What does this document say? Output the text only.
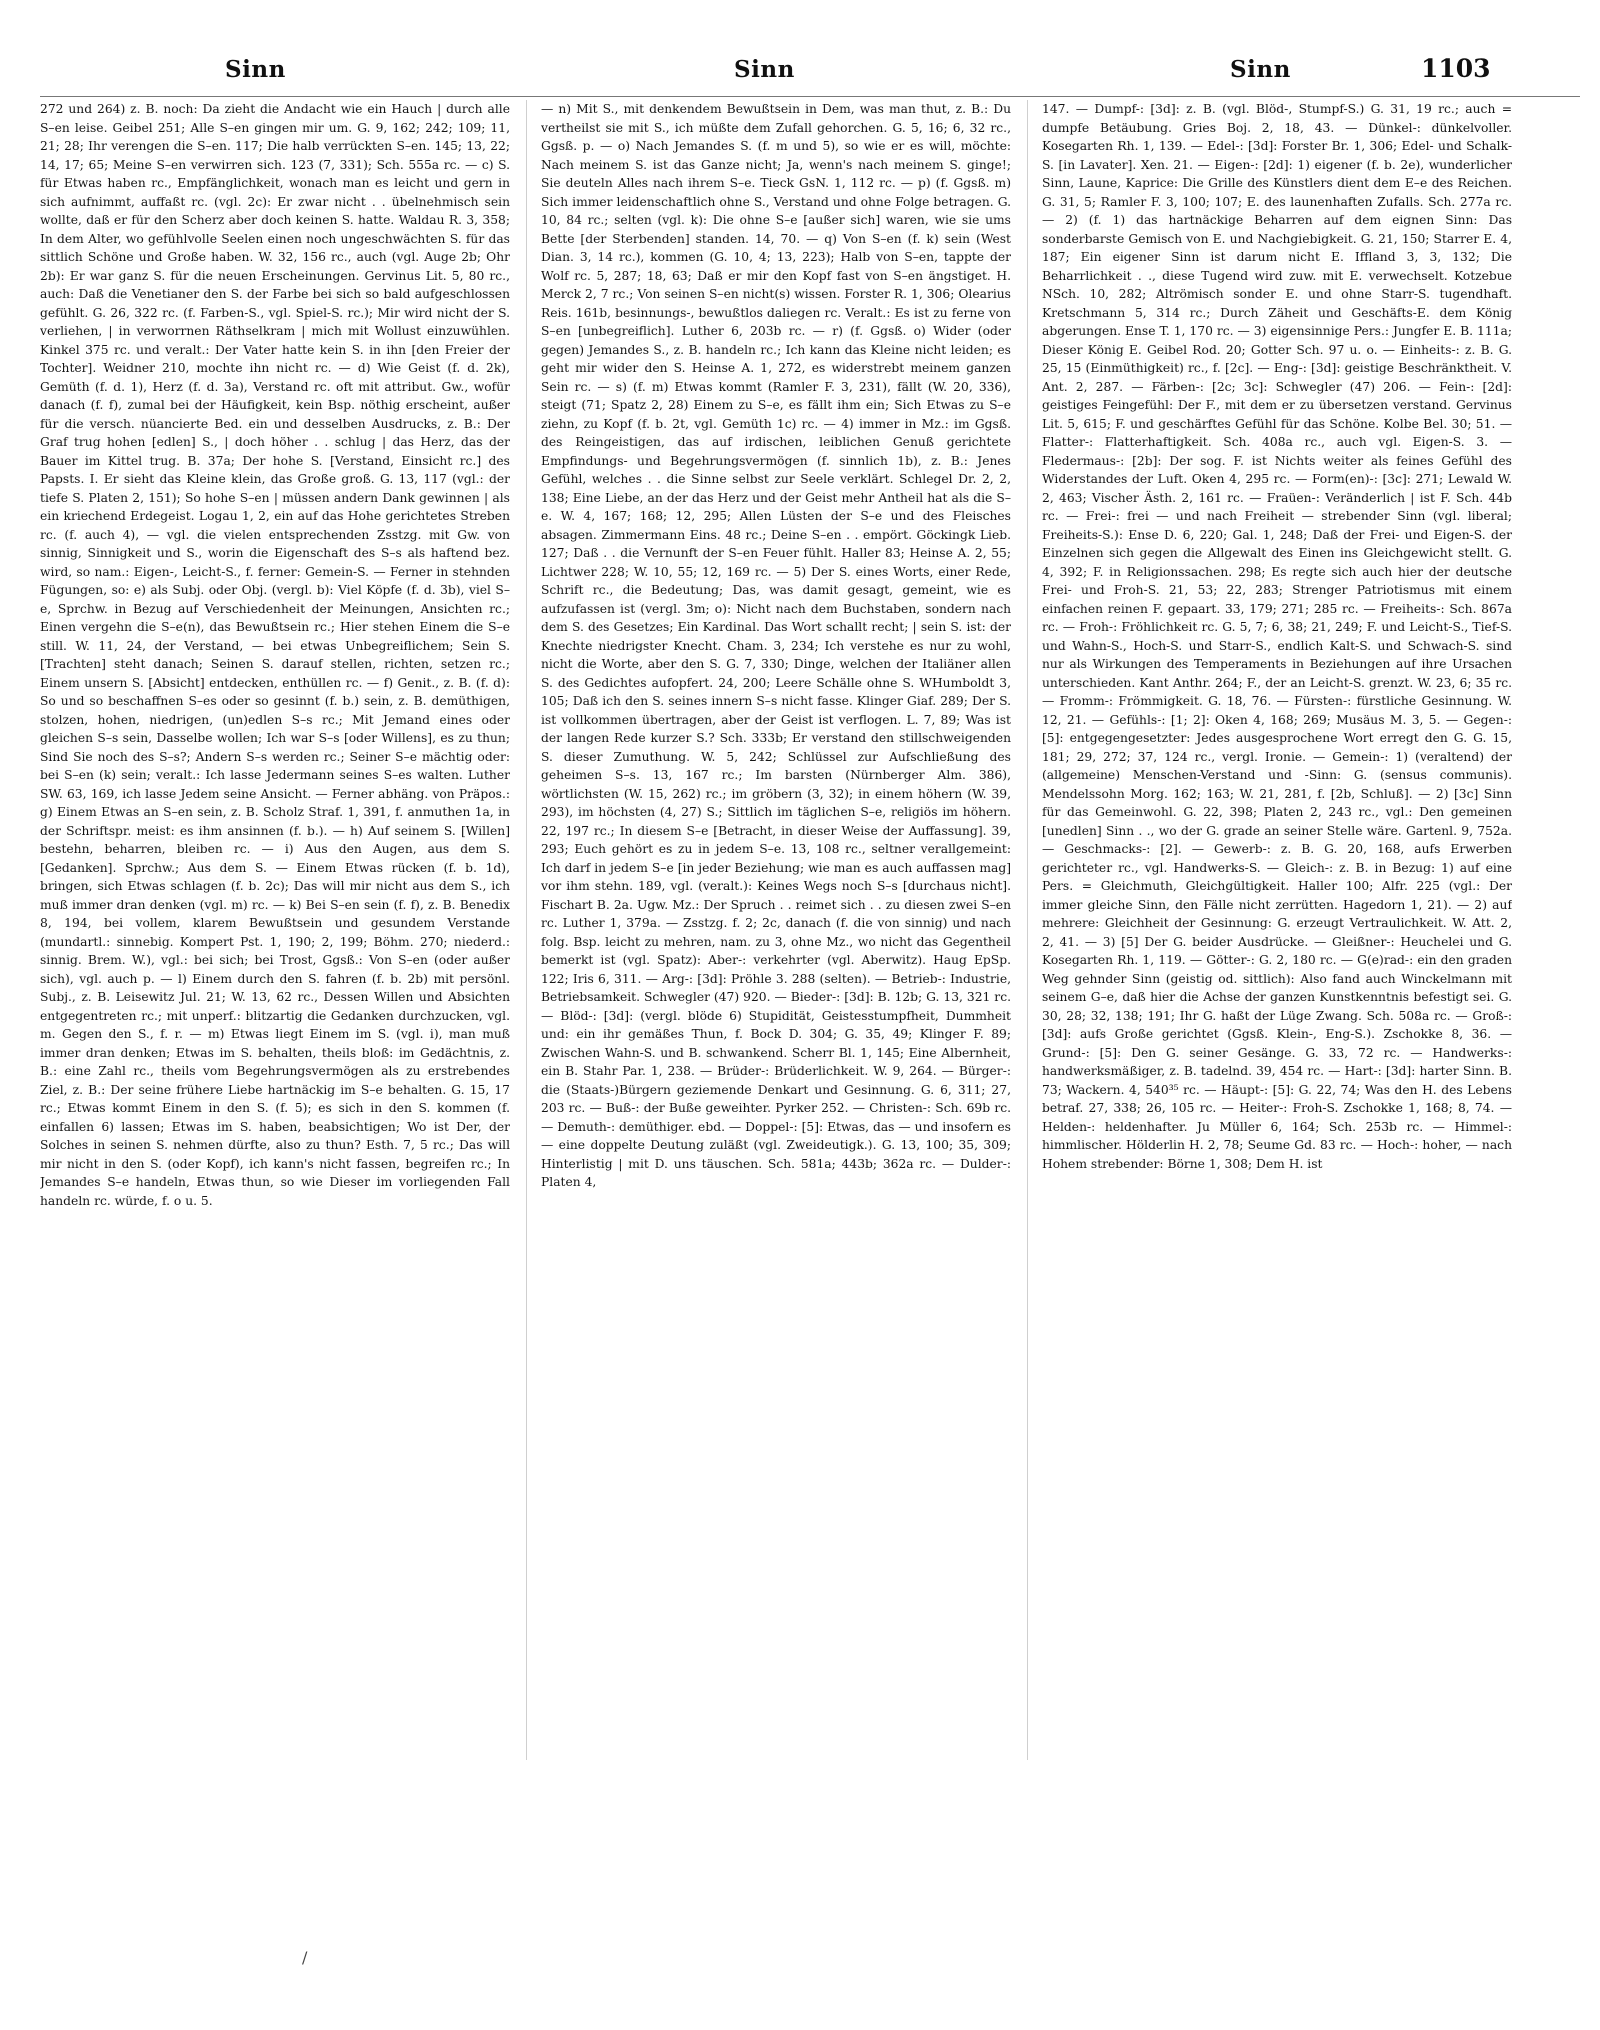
Sinn	Sinn	Sinn	1103

272 und 264) z. B. noch: Da zieht die Andacht wie ein Hauch | durch alle S–en leise. Geibel 251; Alle S–en gingen mir um. G. 9, 162; 242; 109; 11, 21; 28; Ihr verengen die S–en. 117; Die halb verrückten S–en. 145; 13, 22; 14, 17; 65; Meine S–en verwirren sich. 123 (7, 331); Sch. 555a rc. — c) S. für Etwas haben rc., Empfänglichkeit, wonach man es leicht und gern in sich aufnimmt, auffaßt rc. (vgl. 2c): Er zwar nicht . . übelnehmisch sein wollte, daß er für den Scherz aber doch keinen S. hatte. Waldau R. 3, 358; In dem Alter, wo gefühlvolle Seelen einen noch ungeschwächten S. für das sittlich Schöne und Große haben. W. 32, 156 rc., auch (vgl. Auge 2b; Ohr 2b): Er war ganz S. für die neuen Erscheinungen. Gervinus Lit. 5, 80 rc., auch: Daß die Venetianer den S. der Farbe bei sich so bald aufgeschlossen gefühlt. G. 26, 322 rc. (f. Farben-S., vgl. Spiel-S. rc.); Mir wird nicht der S. verliehen, | in verworrnen Räthselkram | mich mit Wollust einzuwühlen. Kinkel 375 rc. und veralt.: Der Vater hatte kein S. in ihn [den Freier der Tochter]. Weidner 210, mochte ihn nicht rc. — d) Wie Geist (f. d. 2k), Gemüth (f. d. 1), Herz (f. d. 3a), Verstand rc. oft mit attribut. Gw., wofür danach (f. f), zumal bei der Häufigkeit, kein Bsp. nöthig erscheint, außer für die versch. nüancierte Bed. ein und desselben Ausdrucks, z. B.: Der Graf trug hohen [edlen] S., | doch höher . . schlug | das Herz, das der Bauer im Kittel trug. B. 37a; Der hohe S. [Verstand, Einsicht rc.] des Papsts. I. Er sieht das Kleine klein, das Große groß. G. 13, 117 (vgl.: der tiefe S. Platen 2, 151); So hohe S–en | müssen andern Dank gewinnen | als ein kriechend Erdegeist. Logau 1, 2, ein auf das Hohe gerichtetes Streben rc. (f. auch 4), — vgl. die vielen entsprechenden Zsstzg. mit Gw. von sinnig, Sinnigkeit und S., worin die Eigenschaft des S–s als haftend bez. wird, so nam.: Eigen-, Leicht-S., f. ferner: Gemein-S. — Ferner in stehnden Fügungen, so: e) als Subj. oder Obj. (vergl. b): Viel Köpfe (f. d. 3b), viel S–e, Sprchw. in Bezug auf Verschiedenheit der Meinungen, Ansichten rc.; Einen vergehn die S–e(n), das Bewußtsein rc.; Hier stehen Einem die S–e still. W. 11, 24, der Verstand, — bei etwas Unbegreiflichem; Sein S. [Trachten] steht danach; Seinen S. darauf stellen, richten, setzen rc.; Einem unsern S. [Absicht] entdecken, enthüllen rc. — f) Genit., z. B. (f. d): So und so beschaffnen S–es oder so gesinnt (f. b.) sein, z. B. demüthigen, stolzen, hohen, niedrigen, (un)edlen S–s rc.; Mit Jemand eines oder gleichen S–s sein, Dasselbe wollen; Ich war S–s [oder Willens], es zu thun; Sind Sie noch des S–s?; Andern S–s werden rc.; Seiner S–e mächtig oder: bei S–en (k) sein; veralt.: Ich lasse Jedermann seines S–es walten. Luther SW. 63, 169, ich lasse Jedem seine Ansicht. — Ferner abhäng. von Präpos.: g) Einem Etwas an S–en sein, z. B. Scholz Straf. 1, 391, f. anmuthen 1a, in der Schriftspr. meist: es ihm ansinnen (f. b.). — h) Auf seinem S. [Willen] bestehn, beharren, bleiben rc. — i) Aus den Augen, aus dem S. [Gedanken]. Sprchw.; Aus dem S. — Einem Etwas rücken (f. b. 1d), bringen, sich Etwas schlagen (f. b. 2c); Das will mir nicht aus dem S., ich muß immer dran denken (vgl. m) rc. — k) Bei S–en sein (f. f), z. B. Benedix 8, 194, bei vollem, klarem Bewußtsein und gesundem Verstande (mundartl.: sinnebig. Kompert Pst. 1, 190; 2, 199; Böhm. 270; niederd.: sinnig. Brem. W.), vgl.: bei sich; bei Trost, Ggsß.: Von S–en (oder außer sich), vgl. auch p. — l) Einem durch den S. fahren (f. b. 2b) mit persönl. Subj., z. B. Leisewitz Jul. 21; W. 13, 62 rc., Dessen Willen und Absichten entgegentreten rc.; mit unperf.: blitzartig die Gedanken durchzucken, vgl. m. Gegen den S., f. r. — m) Etwas liegt Einem im S. (vgl. i), man muß immer dran denken; Etwas im S. behalten, theils bloß: im Gedächtnis, z. B.: eine Zahl rc., theils vom Begehrungsvermögen als zu erstrebendes Ziel, z. B.: Der seine frühere Liebe hartnäckig im S–e behalten. G. 15, 17 rc.; Etwas kommt Einem in den S. (f. 5); es sich in den S. kommen (f. einfallen 6) lassen; Etwas im S. haben, beabsichtigen; Wo ist Der, der Solches in seinen S. nehmen dürfte, also zu thun? Esth. 7, 5 rc.; Das will mir nicht in den S. (oder Kopf), ich kann's nicht fassen, begreifen rc.; In Jemandes S–e handeln, Etwas thun, so wie Dieser im vorliegenden Fall handeln rc. würde, f. o u. 5.

— n) Mit S., mit denkendem Bewußtsein in Dem, was man thut, z. B.: Du vertheilst sie mit S., ich müßte dem Zufall gehorchen. G. 5, 16; 6, 32 rc., Ggsß. p. — o) Nach Jemandes S. (f. m und 5), so wie er es will, möchte: Nach meinem S. ist das Ganze nicht; Ja, wenn's nach meinem S. ginge!; Sie deuteln Alles nach ihrem S–e. Tieck GsN. 1, 112 rc. — p) (f. Ggsß. m) Sich immer leidenschaftlich ohne S., Verstand und ohne Folge betragen. G. 10, 84 rc.; selten (vgl. k): Die ohne S–e [außer sich] waren, wie sie ums Bette [der Sterbenden] standen. 14, 70. — q) Von S–en (f. k) sein (West Dian. 3, 14 rc.), kommen (G. 10, 4; 13, 223); Halb von S–en, tappte der Wolf rc. 5, 287; 18, 63; Daß er mir den Kopf fast von S–en ängstiget. H. Merck 2, 7 rc.; Von seinen S–en nicht(s) wissen. Forster R. 1, 306; Olearius Reis. 161b, besinnungs-, bewußtlos daliegen rc. Veralt.: Es ist zu ferne von S–en [unbegreiflich]. Luther 6, 203b rc. — r) (f. Ggsß. o) Wider (oder gegen) Jemandes S., z. B. handeln rc.; Ich kann das Kleine nicht leiden; es geht mir wider den S. Heinse A. 1, 272, es widerstrebt meinem ganzen Sein rc. — s) (f. m) Etwas kommt (Ramler F. 3, 231), fällt (W. 20, 336), steigt (71; Spatz 2, 28) Einem zu S–e, es fällt ihm ein; Sich Etwas zu S–e ziehn, zu Kopf (f. b. 2t, vgl. Gemüth 1c) rc. — 4) immer in Mz.: im Ggsß. des Reingeistigen, das auf irdischen, leiblichen Genuß gerichtete Empfindungs- und Begehrungsvermögen (f. sinnlich 1b), z. B.: Jenes Gefühl, welches . . die Sinne selbst zur Seele verklärt. Schlegel Dr. 2, 2, 138; Eine Liebe, an der das Herz und der Geist mehr Antheil hat als die S–e. W. 4, 167; 168; 12, 295; Allen Lüsten der S–e und des Fleisches absagen. Zimmermann Eins. 48 rc.; Deine S–en . . empört. Göckingk Lieb. 127; Daß . . die Vernunft der S–en Feuer fühlt. Haller 83; Heinse A. 2, 55; Lichtwer 228; W. 10, 55; 12, 169 rc. — 5) Der S. eines Worts, einer Rede, Schrift rc., die Bedeutung; Das, was damit gesagt, gemeint, wie es aufzufassen ist (vergl. 3m; o): Nicht nach dem Buchstaben, sondern nach dem S. des Gesetzes; Ein Kardinal. Das Wort schallt recht; | sein S. ist: der Knechte niedrigster Knecht. Cham. 3, 234; Ich verstehe es nur zu wohl, nicht die Worte, aber den S. G. 7, 330; Dinge, welchen der Italiäner allen S. des Gedichtes aufopfert. 24, 200; Leere Schälle ohne S. WHumboldt 3, 105; Daß ich den S. seines innern S–s nicht fasse. Klinger Giaf. 289; Der S. ist vollkommen übertragen, aber der Geist ist verflogen. L. 7, 89; Was ist der langen Rede kurzer S.? Sch. 333b; Er verstand den stillschweigenden S. dieser Zumuthung. W. 5, 242; Schlüssel zur Aufschließung des geheimen S–s. 13, 167 rc.; Im barsten (Nürnberger Alm. 386), wörtlichsten (W. 15, 262) rc.; im gröbern (3, 32); in einem höhern (W. 39, 293), im höchsten (4, 27) S.; Sittlich im täglichen S–e, religiös im höhern. 22, 197 rc.; In diesem S–e [Betracht, in dieser Weise der Auffassung]. 39, 293; Euch gehört es zu in jedem S–e. 13, 108 rc., seltner verallgemeint: Ich darf in jedem S–e [in jeder Beziehung; wie man es auch auffassen mag] vor ihm stehn. 189, vgl. (veralt.): Keines Wegs noch S–s [durchaus nicht]. Fischart B. 2a. Ugw. Mz.: Der Spruch . . reimet sich . . zu diesen zwei S–en rc. Luther 1, 379a. — Zsstzg. f. 2; 2c, danach (f. die von sinnig) und nach folg. Bsp. leicht zu mehren, nam. zu 3, ohne Mz., wo nicht das Gegentheil bemerkt ist (vgl. Spatz): Aber-: verkehrter (vgl. Aberwitz). Haug EpSp. 122; Iris 6, 311. — Arg-: [3d]: Pröhle 3. 288 (selten). — Betrieb-: Industrie, Betriebsamkeit. Schwegler (47) 920. — Bieder-: [3d]: B. 12b; G. 13, 321 rc. — Blöd-: [3d]: (vergl. blöde 6) Stupidität, Geistesstumpfheit, Dummheit und: ein ihr gemäßes Thun, f. Bock D. 304; G. 35, 49; Klinger F. 89; Zwischen Wahn-S. und B. schwankend. Scherr Bl. 1, 145; Eine Albernheit, ein B. Stahr Par. 1, 238. — Brüder-: Brüderlichkeit. W. 9, 264. — Bürger-: die (Staats-)Bürgern geziemende Denkart und Gesinnung. G. 6, 311; 27, 203 rc. — Buß-: der Buße geweihter. Pyrker 252. — Christen-: Sch. 69b rc. — Demuth-: demüthiger. ebd. — Doppel-: [5]: Etwas, das — und insofern es — eine doppelte Deutung zuläßt (vgl. Zweideutigk.). G. 13, 100; 35, 309; Hinterlistig | mit D. uns täuschen. Sch. 581a; 443b; 362a rc. — Dulder-: Platen 4,

147. — Dumpf-: [3d]: z. B. (vgl. Blöd-, Stumpf-S.) G. 31, 19 rc.; auch = dumpfe Betäubung. Gries Boj. 2, 18, 43. — Dünkel-: dünkelvoller. Kosegarten Rh. 1, 139. — Edel-: [3d]: Forster Br. 1, 306; Edel- und Schalk-S. [in Lavater]. Xen. 21. — Eigen-: [2d]: 1) eigener (f. b. 2e), wunderlicher Sinn, Laune, Kaprice: Die Grille des Künstlers dient dem E–e des Reichen. G. 31, 5; Ramler F. 3, 100; 107; E. des launenhaften Zufalls. Sch. 277a rc. — 2) (f. 1) das hartnäckige Beharren auf dem eignen Sinn: Das sonderbarste Gemisch von E. und Nachgiebigkeit. G. 21, 150; Starrer E. 4, 187; Ein eigener Sinn ist darum nicht E. Iffland 3, 3, 132; Die Beharrlichkeit . ., diese Tugend wird zuw. mit E. verwechselt. Kotzebue NSch. 10, 282; Altrömisch sonder E. und ohne Starr-S. tugendhaft. Kretschmann 5, 314 rc.; Durch Zäheit und Geschäfts-E. dem König abgerungen. Ense T. 1, 170 rc. — 3) eigensinnige Pers.: Jungfer E. B. 111a; Dieser König E. Geibel Rod. 20; Gotter Sch. 97 u. o. — Einheits-: z. B. G. 25, 15 (Einmüthigkeit) rc., f. [2c]. — Eng-: [3d]: geistige Beschränktheit. V. Ant. 2, 287. — Färben-: [2c; 3c]: Schwegler (47) 206. — Fein-: [2d]: geistiges Feingefühl: Der F., mit dem er zu übersetzen verstand. Gervinus Lit. 5, 615; F. und geschärftes Gefühl für das Schöne. Kolbe Bel. 30; 51. — Flatter-: Flatterhaftigkeit. Sch. 408a rc., auch vgl. Eigen-S. 3. — Fledermaus-: [2b]: Der sog. F. ist Nichts weiter als feines Gefühl des Widerstandes der Luft. Oken 4, 295 rc. — Form(en)-: [3c]: 271; Lewald W. 2, 463; Vischer Ästh. 2, 161 rc. — Fraüen-: Veränderlich | ist F. Sch. 44b rc. — Frei-: frei — und nach Freiheit — strebender Sinn (vgl. liberal; Freiheits-S.): Ense D. 6, 220; Gal. 1, 248; Daß der Frei- und Eigen-S. der Einzelnen sich gegen die Allgewalt des Einen ins Gleichgewicht stellt. G. 4, 392; F. in Religionssachen. 298; Es regte sich auch hier der deutsche Frei- und Froh-S. 21, 53; 22, 283; Strenger Patriotismus mit einem einfachen reinen F. gepaart. 33, 179; 271; 285 rc. — Freiheits-: Sch. 867a rc. — Froh-: Fröhlichkeit rc. G. 5, 7; 6, 38; 21, 249; F. und Leicht-S., Tief-S. und Wahn-S., Hoch-S. und Starr-S., endlich Kalt-S. und Schwach-S. sind nur als Wirkungen des Temperaments in Beziehungen auf ihre Ursachen unterschieden. Kant Anthr. 264; F., der an Leicht-S. grenzt. W. 23, 6; 35 rc. — Fromm-: Frömmigkeit. G. 18, 76. — Fürsten-: fürstliche Gesinnung. W. 12, 21. — Gefühls-: [1; 2]: Oken 4, 168; 269; Musäus M. 3, 5. — Gegen-: [5]: entgegengesetzter: Jedes ausgesprochene Wort erregt den G. G. 15, 181; 29, 272; 37, 124 rc., vergl. Ironie. — Gemein-: 1) (veraltend) der (allgemeine) Menschen-Verstand und -Sinn: G. (sensus communis). Mendelssohn Morg. 162; 163; W. 21, 281, f. [2b, Schluß]. — 2) [3c] Sinn für das Gemeinwohl. G. 22, 398; Platen 2, 243 rc., vgl.: Den gemeinen [unedlen] Sinn . ., wo der G. grade an seiner Stelle wäre. Gartenl. 9, 752a. — Geschmacks-: [2]. — Gewerb-: z. B. G. 20, 168, aufs Erwerben gerichteter rc., vgl. Handwerks-S. — Gleich-: z. B. in Bezug: 1) auf eine Pers. = Gleichmuth, Gleichgültigkeit. Haller 100; Alfr. 225 (vgl.: Der immer gleiche Sinn, den Fälle nicht zerrütten. Hagedorn 1, 21). — 2) auf mehrere: Gleichheit der Gesinnung: G. erzeugt Vertraulichkeit. W. Att. 2, 2, 41. — 3) [5] Der G. beider Ausdrücke. — Gleißner-: Heuchelei und G. Kosegarten Rh. 1, 119. — Götter-: G. 2, 180 rc. — G(e)rad-: ein den graden Weg gehnder Sinn (geistig od. sittlich): Also fand auch Winckelmann mit seinem G–e, daß hier die Achse der ganzen Kunstkenntnis befestigt sei. G. 30, 28; 32, 138; 191; Ihr G. haßt der Lüge Zwang. Sch. 508a rc. — Groß-: [3d]: aufs Große gerichtet (Ggsß. Klein-, Eng-S.). Zschokke 8, 36. — Grund-: [5]: Den G. seiner Gesänge. G. 33, 72 rc. — Handwerks-: handwerksmäßiger, z. B. tadelnd. 39, 454 rc. — Hart-: [3d]: harter Sinn. B. 73; Wackern. 4, 540³⁵ rc. — Häupt-: [5]: G. 22, 74; Was den H. des Lebens betraf. 27, 338; 26, 105 rc. — Heiter-: Froh-S. Zschokke 1, 168; 8, 74. — Helden-: heldenhafter. Ju Müller 6, 164; Sch. 253b rc. — Himmel-: himmlischer. Hölderlin H. 2, 78; Seume Gd. 83 rc. — Hoch-: hoher, — nach Hohem strebender: Börne 1, 308; Dem H. ist

/
